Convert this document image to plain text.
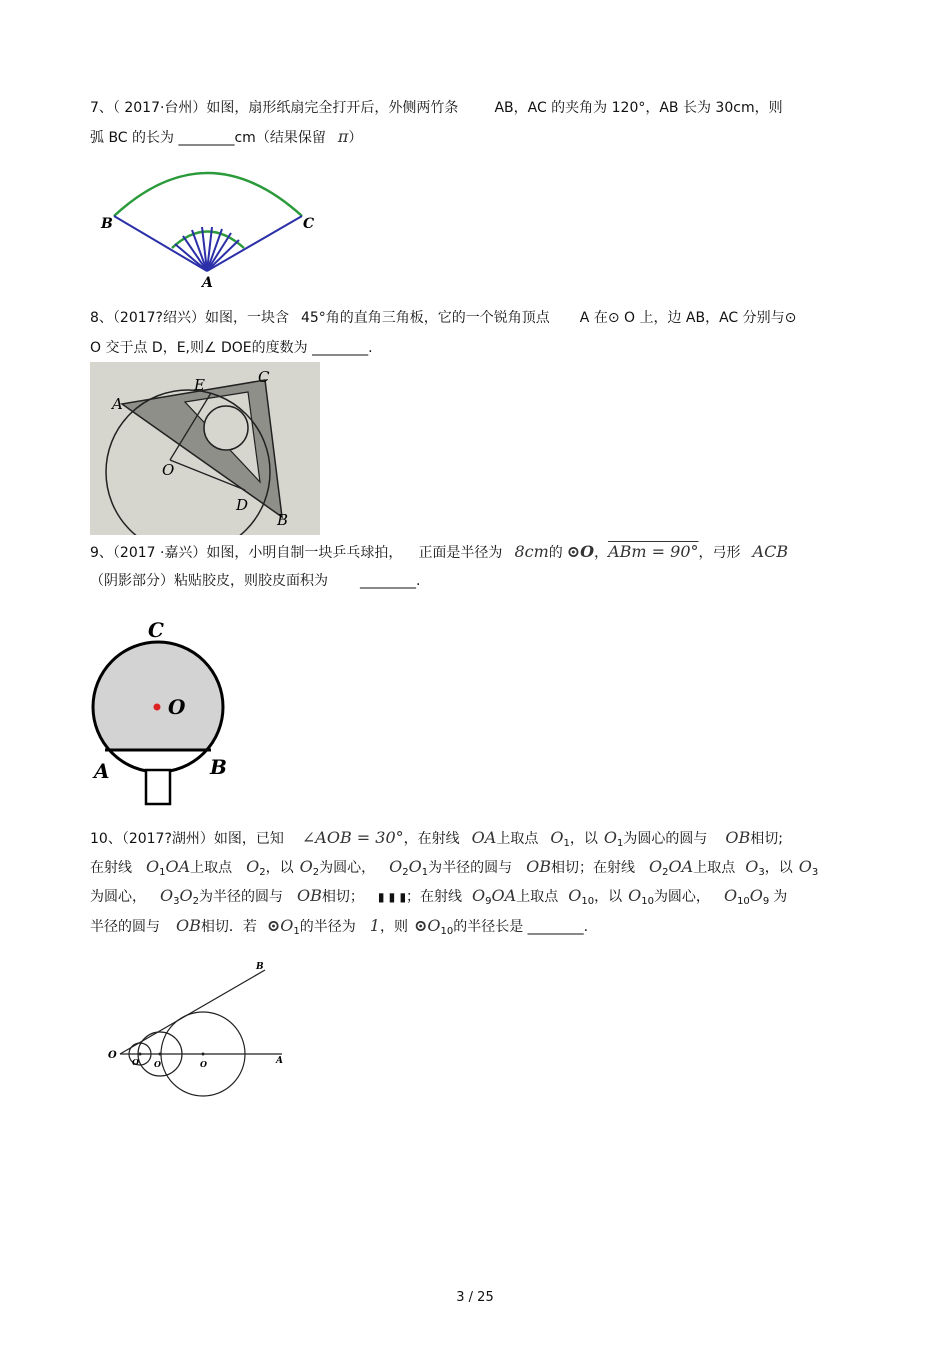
7、（ 2017·台州）如图，扇形纸扇完全打开后，外侧两竹条	AB，AC 的夹角为 120°，AB 长为 30cm，则
弧 BC 的长为 ________cm（结果保留 π）
B	C
A
8、（2017?绍兴）如图，一块含 45°角的直角三角板，它的一个锐角顶点 A 在⊙ O 上，边 AB，AC 分别与⊙
O 交于点 D，E,则∠ DOE的度数为 ________.
A
E	C
O
D
B
9、（2017 ·嘉兴）如图，小明自制一块乒乓球拍， 正面是半径为 8cm的 ⊙O，ABm = 90°，弓形 ACB
（阴影部分）粘贴胶皮，则胶皮面积为 ________.
C
O
A	B
10、（2017?湖州）如图，已知 ∠AOB = 30°，在射线 OA上取点 $O_1$，以 $O_1$为圆心的圆与 OB相切;
在射线 $O_1OA$上取点 $O_2$，以 $O_2$为圆心， $O_2O_1$为半径的圆与 OB相切；在射线 $O_2OA$上取点 $O_3$，以 $O_3$
为圆心， $O_3O_2$为半径的圆与 OB相切； ▮ ▮ ▮；在射线 $O_9OA$上取点 $O_{10}$，以 $O_{10}$为圆心， $O_{10}O_9$ 为
半径的圆与 OB相切．若 $⊙O_1$的半径为 1，则 $⊙O_{10}$的半径长是 ________.
B
O	A
O O	O
3 / 25
